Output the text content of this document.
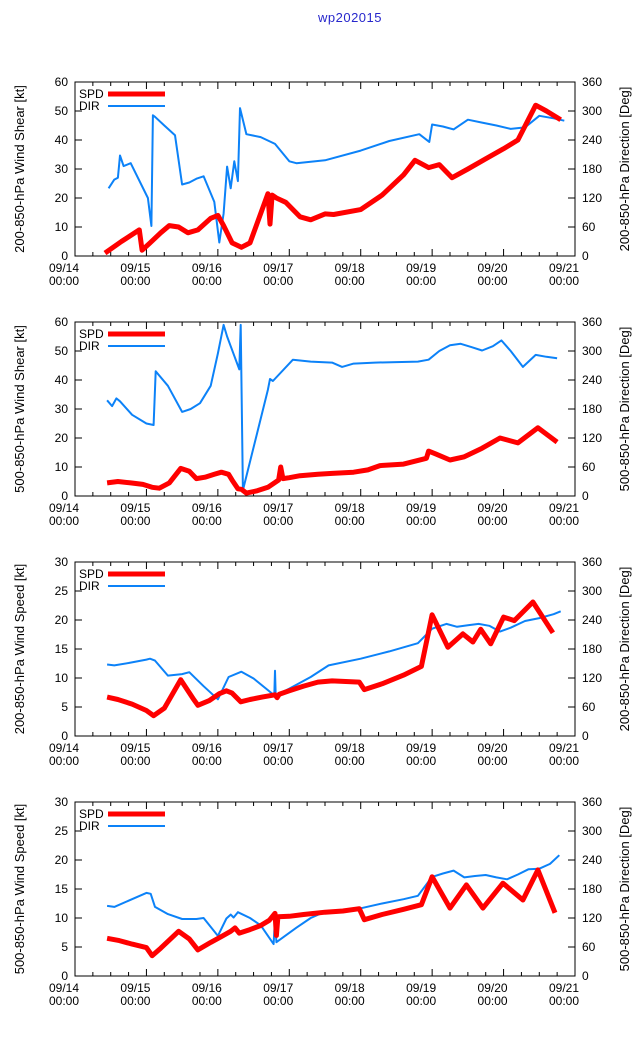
wp202015
0	0
10	60
20	120
30	180
40	240
50	300
60	360
09/14
00:00
09/15
00:00
09/16
00:00
09/17
00:00
09/18
00:00
09/19
00:00
09/20
00:00
09/21
00:00
200-850-hPa Wind Shear [kt]	200-850-hPa Direction [Deg]
SPD
DIR
0	0
10	60
20	120
30	180
40	240
50	300
60	360
09/14
00:00
09/15
00:00
09/16
00:00
09/17
00:00
09/18
00:00
09/19
00:00
09/20
00:00
09/21
00:00
500-850-hPa Wind Shear [kt]	500-850-hPa Direction [Deg]
SPD
DIR
0	0
5	60
10	120
15	180
20	240
25	300
30	360
09/14
00:00
09/15
00:00
09/16
00:00
09/17
00:00
09/18
00:00
09/19
00:00
09/20
00:00
09/21
00:00
200-850-hPa Wind Speed [kt]	200-850-hPa Direction [Deg]
SPD
DIR
0	0
5	60
10	120
15	180
20	240
25	300
30	360
09/14
00:00
09/15
00:00
09/16
00:00
09/17
00:00
09/18
00:00
09/19
00:00
09/20
00:00
09/21
00:00
500-850-hPa Wind Speed [kt]	500-850-hPa Direction [Deg]
SPD
DIR
